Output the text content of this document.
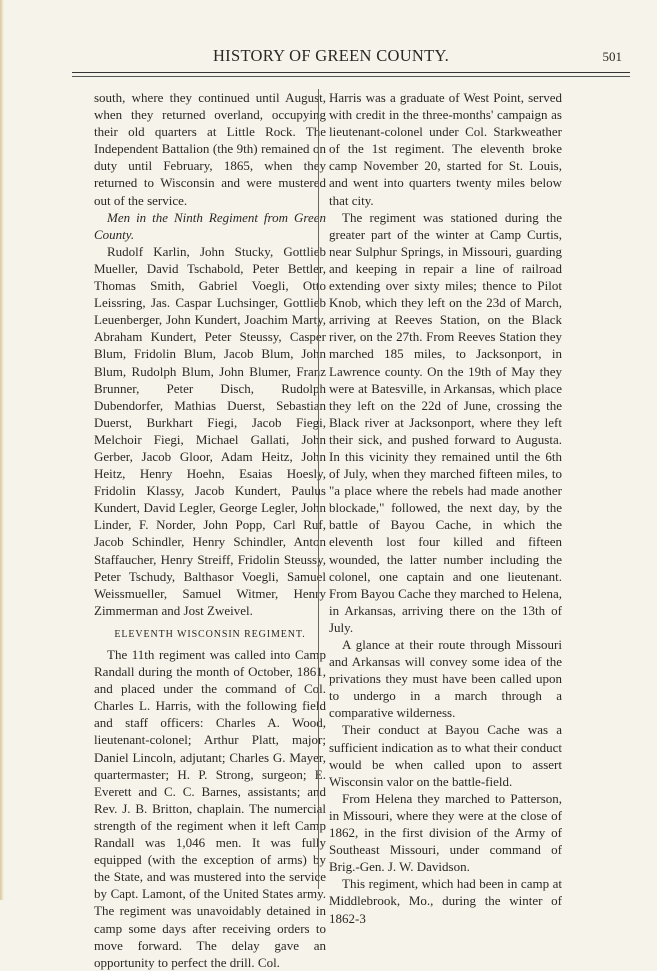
HISTORY OF GREEN COUNTY.	501

south, where they continued until August, when they returned overland, occupying their old quarters at Little Rock. The Independent Battalion (the 9th) remained on duty until February, 1865, when they returned to Wisconsin and were mustered out of the service.

Men in the Ninth Regiment from Green County.

Rudolf Karlin, John Stucky, Gottlieb Mueller, David Tschabold, Peter Bettler, Thomas Smith, Gabriel Voegli, Otto Leissring, Jas. Caspar Luchsinger, Gottlieb Leuenberger, John Kundert, Joachim Marty, Abraham Kundert, Peter Steussy, Casper Blum, Fridolin Blum, Jacob Blum, John Blum, Rudolph Blum, John Blumer, Franz Brunner, Peter Disch, Rudolph Dubendorfer, Mathias Duerst, Sebastian Duerst, Burkhart Fiegi, Jacob Fiegi, Melchoir Fiegi, Michael Gallati, John Gerber, Jacob Gloor, Adam Heitz, John Heitz, Henry Hoehn, Esaias Hoesly, Fridolin Klassy, Jacob Kundert, Paulus Kundert, David Legler, George Legler, John Linder, F. Norder, John Popp, Carl Ruf, Jacob Schindler, Henry Schindler, Anton Staffaucher, Henry Streiff, Fridolin Steussy, Peter Tschudy, Balthasor Voegli, Samuel Weissmueller, Samuel Witmer, Henry Zimmerman and Jost Zweivel.

ELEVENTH WISCONSIN REGIMENT.

The 11th regiment was called into Camp Randall during the month of October, 1861, and placed under the command of Col. Charles L. Harris, with the following field and staff officers: Charles A. Wood, lieutenant-colonel; Arthur Platt, major; Daniel Lincoln, adjutant; Charles G. Mayer, quartermaster; H. P. Strong, surgeon; E. Everett and C. C. Barnes, assistants; and Rev. J. B. Britton, chaplain. The numercial strength of the regiment when it left Camp Randall was 1,046 men. It was fully equipped (with the exception of arms) by the State, and was mustered into the service by Capt. Lamont, of the United States army. The regiment was unavoidably detained in camp some days after receiving orders to move forward. The delay gave an opportunity to perfect the drill. Col.

Harris was a graduate of West Point, served with credit in the three-months' campaign as lieutenant-colonel under Col. Starkweather of the 1st regiment. The eleventh broke camp November 20, started for St. Louis, and went into quarters twenty miles below that city.

The regiment was stationed during the greater part of the winter at Camp Curtis, near Sulphur Springs, in Missouri, guarding and keeping in repair a line of railroad extending over sixty miles; thence to Pilot Knob, which they left on the 23d of March, arriving at Reeves Station, on the Black river, on the 27th. From Reeves Station they marched 185 miles, to Jacksonport, in Lawrence county. On the 19th of May they were at Batesville, in Arkansas, which place they left on the 22d of June, crossing the Black river at Jacksonport, where they left their sick, and pushed forward to Augusta. In this vicinity they remained until the 6th of July, when they marched fifteen miles, to "a place where the rebels had made another blockade," followed, the next day, by the battle of Bayou Cache, in which the eleventh lost four killed and fifteen wounded, the latter number including the colonel, one captain and one lieutenant. From Bayou Cache they marched to Helena, in Arkansas, arriving there on the 13th of July.

A glance at their route through Missouri and Arkansas will convey some idea of the privations they must have been called upon to undergo in a march through a comparative wilderness.

Their conduct at Bayou Cache was a sufficient indication as to what their conduct would be when called upon to assert Wisconsin valor on the battle-field.

From Helena they marched to Patterson, in Missouri, where they were at the close of 1862, in the first division of the Army of Southeast Missouri, under command of Brig.-Gen. J. W. Davidson.

This regiment, which had been in camp at Middlebrook, Mo., during the winter of 1862-3
